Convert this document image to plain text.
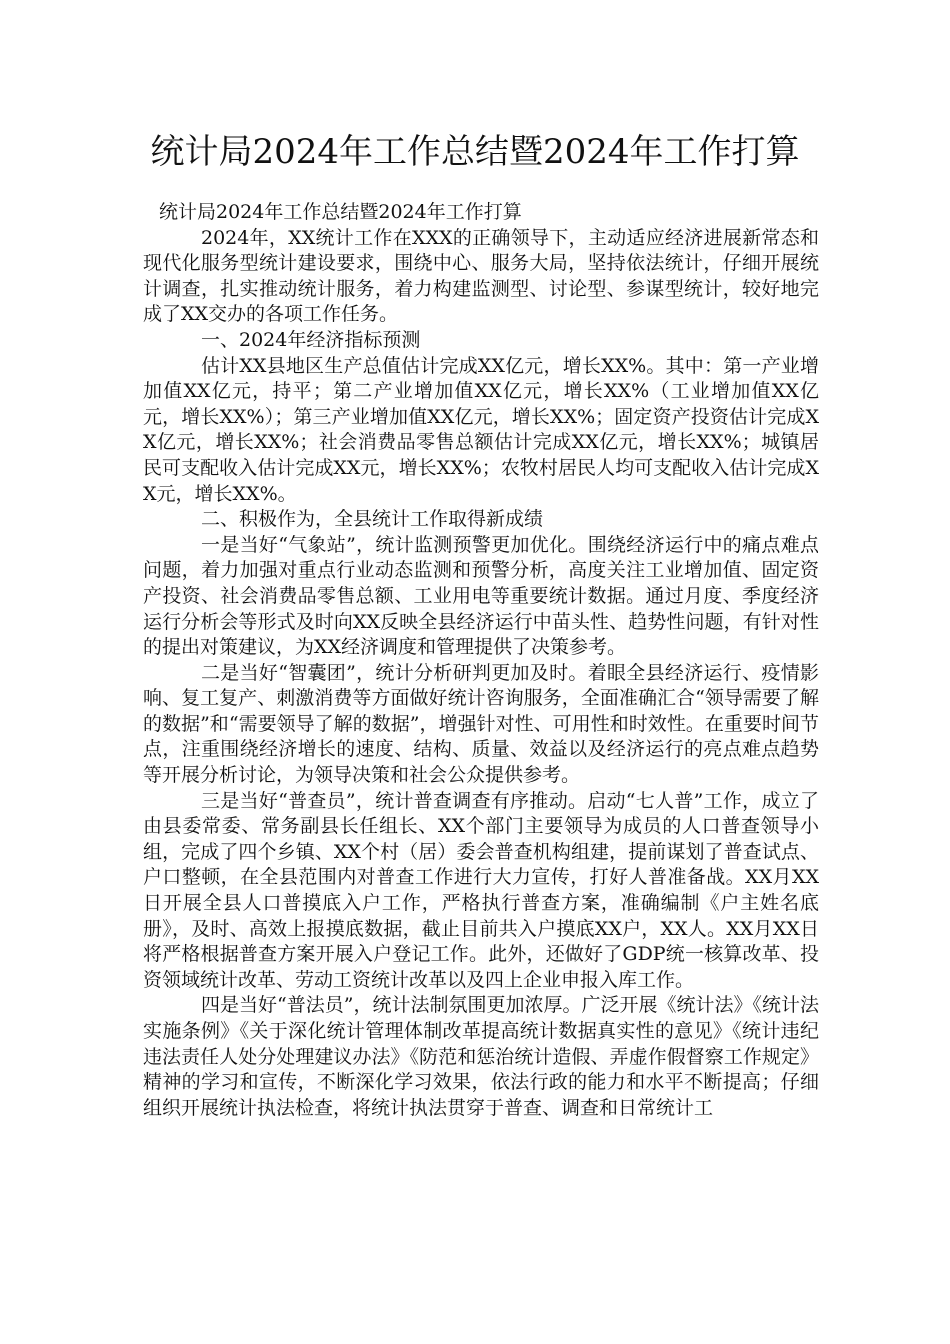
统计局2024年工作总结暨2024年工作打算

统计局2024年工作总结暨2024年工作打算

2024年，XX统计工作在XXX的正确领导下，主动适应经济进展新常态和现代化服务型统计建设要求，围绕中心、服务大局，坚持依法统计，仔细开展统计调查，扎实推动统计服务，着力构建监测型、讨论型、参谋型统计，较好地完成了XX交办的各项工作任务。

一、2024年经济指标预测

估计XX县地区生产总值估计完成XX亿元，增长XX%。其中：第一产业增加值XX亿元，持平；第二产业增加值XX亿元，增长XX%（工业增加值XX亿元，增长XX%）；第三产业增加值XX亿元，增长XX%；固定资产投资估计完成XX亿元，增长XX%；社会消费品零售总额估计完成XX亿元，增长XX%；城镇居民可支配收入估计完成XX元，增长XX%；农牧村居民人均可支配收入估计完成XX元，增长XX%。

二、积极作为，全县统计工作取得新成绩

一是当好“气象站”，统计监测预警更加优化。围绕经济运行中的痛点难点问题，着力加强对重点行业动态监测和预警分析，高度关注工业增加值、固定资产投资、社会消费品零售总额、工业用电等重要统计数据。通过月度、季度经济运行分析会等形式及时向XX反映全县经济运行中苗头性、趋势性问题，有针对性的提出对策建议，为XX经济调度和管理提供了决策参考。

二是当好“智囊团”，统计分析研判更加及时。着眼全县经济运行、疫情影响、复工复产、刺激消费等方面做好统计咨询服务，全面准确汇合“领导需要了解的数据”和“需要领导了解的数据”，增强针对性、可用性和时效性。在重要时间节点，注重围绕经济增长的速度、结构、质量、效益以及经济运行的亮点难点趋势等开展分析讨论，为领导决策和社会公众提供参考。

三是当好“普查员”，统计普查调查有序推动。启动“七人普”工作，成立了由县委常委、常务副县长任组长、XX个部门主要领导为成员的人口普查领导小组，完成了四个乡镇、XX个村（居）委会普查机构组建，提前谋划了普查试点、户口整顿，在全县范围内对普查工作进行大力宣传，打好人普准备战。XX月XX日开展全县人口普摸底入户工作，严格执行普查方案，准确编制《户主姓名底册》，及时、高效上报摸底数据，截止目前共入户摸底XX户，XX人。XX月XX日将严格根据普查方案开展入户登记工作。此外，还做好了GDP统一核算改革、投资领域统计改革、劳动工资统计改革以及四上企业申报入库工作。

四是当好“普法员”，统计法制氛围更加浓厚。广泛开展《统计法》《统计法实施条例》《关于深化统计管理体制改革提高统计数据真实性的意见》《统计违纪违法责任人处分处理建议办法》《防范和惩治统计造假、弄虚作假督察工作规定》精神的学习和宣传，不断深化学习效果，依法行政的能力和水平不断提高；仔细组织开展统计执法检查，将统计执法贯穿于普查、调查和日常统计工
